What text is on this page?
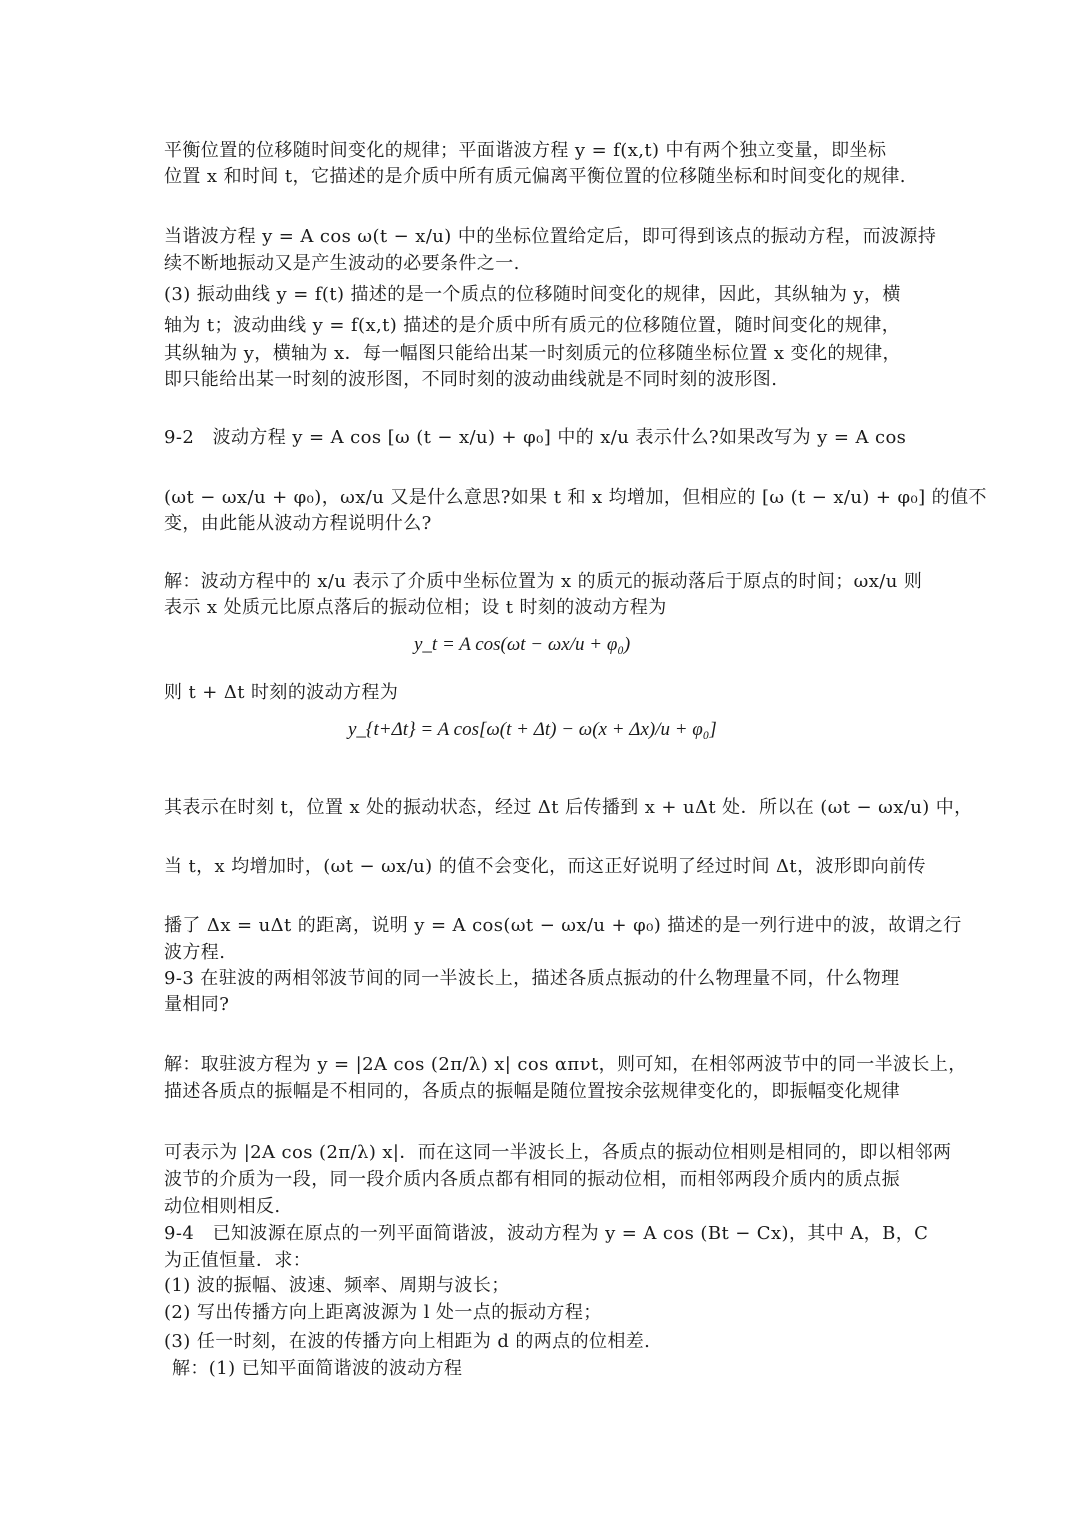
平衡位置的位移随时间变化的规律；平面谐波方程 y = f(x,t) 中有两个独立变量，即坐标
位置 x 和时间 t，它描述的是介质中所有质元偏离平衡位置的位移随坐标和时间变化的规律.
当谐波方程 y = A cos ω(t − x/u) 中的坐标位置给定后，即可得到该点的振动方程，而波源持
续不断地振动又是产生波动的必要条件之一.
(3) 振动曲线 y = f(t) 描述的是一个质点的位移随时间变化的规律，因此，其纵轴为 y，横
轴为 t；波动曲线 y = f(x,t) 描述的是介质中所有质元的位移随位置，随时间变化的规律，
其纵轴为 y，横轴为 x．每一幅图只能给出某一时刻质元的位移随坐标位置 x 变化的规律，
即只能给出某一时刻的波形图，不同时刻的波动曲线就是不同时刻的波形图.
9-2　波动方程 y = A cos [ω (t − x/u) + φ₀] 中的 x/u 表示什么?如果改写为 y = A cos
(ωt − ωx/u + φ₀)，ωx/u 又是什么意思?如果 t 和 x 均增加，但相应的 [ω (t − x/u) + φ₀] 的值不
变，由此能从波动方程说明什么?
解：波动方程中的 x/u 表示了介质中坐标位置为 x 的质元的振动落后于原点的时间；ωx/u 则
表示 x 处质元比原点落后的振动位相；设 t 时刻的波动方程为
y_t = A cos(ωt − ωx/u + φ₀)
则 t + Δt 时刻的波动方程为
y_{t+Δt} = A cos[ω(t + Δt) − ω(x + Δx)/u + φ₀]
其表示在时刻 t，位置 x 处的振动状态，经过 Δt 后传播到 x + uΔt 处．所以在 (ωt − ωx/u) 中，
当 t，x 均增加时，(ωt − ωx/u) 的值不会变化，而这正好说明了经过时间 Δt，波形即向前传
播了 Δx = uΔt 的距离，说明 y = A cos(ωt − ωx/u + φ₀) 描述的是一列行进中的波，故谓之行
波方程.
9-3 在驻波的两相邻波节间的同一半波长上，描述各质点振动的什么物理量不同，什么物理
量相同?
解：取驻波方程为 y = |2A cos (2π/λ) x| cos απνt，则可知，在相邻两波节中的同一半波长上，
描述各质点的振幅是不相同的，各质点的振幅是随位置按余弦规律变化的，即振幅变化规律
可表示为 |2A cos (2π/λ) x|．而在这同一半波长上，各质点的振动位相则是相同的，即以相邻两
波节的介质为一段，同一段介质内各质点都有相同的振动位相，而相邻两段介质内的质点振
动位相则相反.
9-4　已知波源在原点的一列平面简谐波，波动方程为 y = A cos (Bt − Cx)，其中 A，B，C
为正值恒量．求：
(1) 波的振幅、波速、频率、周期与波长；
(2) 写出传播方向上距离波源为 l 处一点的振动方程；
(3) 任一时刻，在波的传播方向上相距为 d 的两点的位相差.
解：(1) 已知平面简谐波的波动方程
